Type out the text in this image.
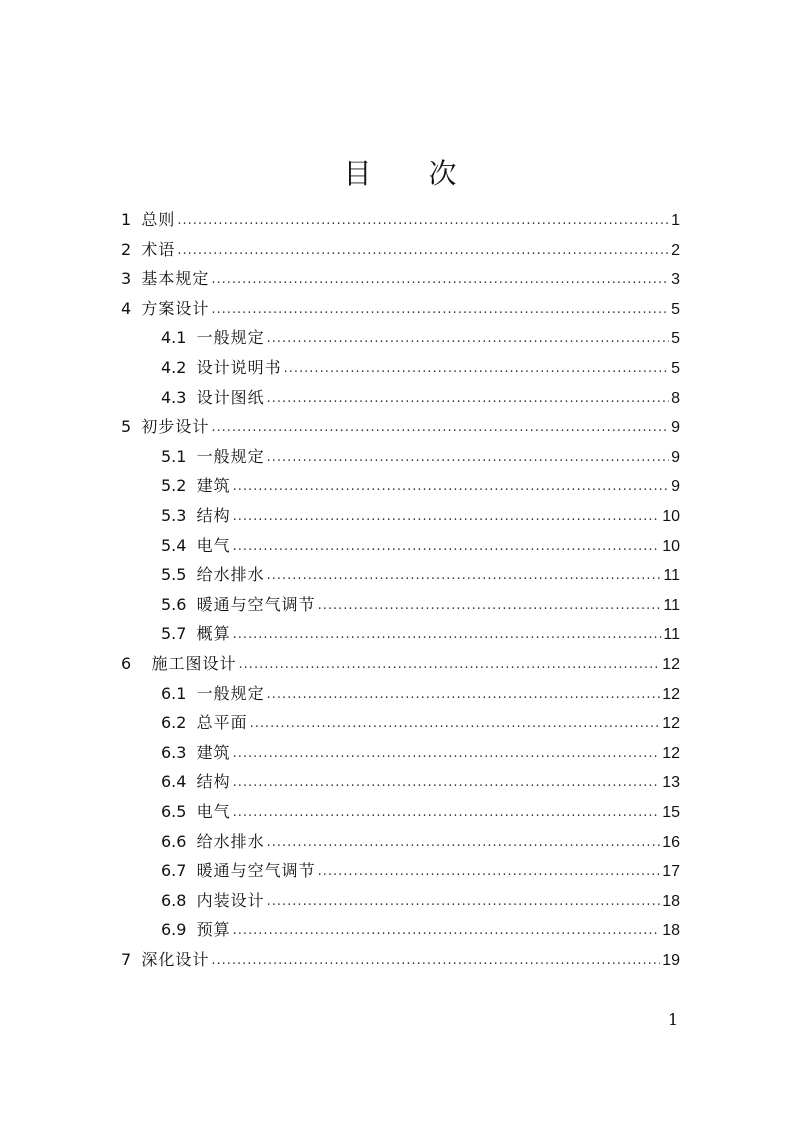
目 次
1 总则 .....	1
2 术语 .....	2
3 基本规定 .....	3
4 方案设计 .....	5
4.1 一般规定 .....	5
4.2 设计说明书 .....	5
4.3 设计图纸 .....	8
5 初步设计 .....	9
5.1 一般规定 .....	9
5.2 建筑 .....	9
5.3 结构 .....	10
5.4 电气 .....	10
5.5 给水排水 .....	11
5.6 暖通与空气调节 .....	11
5.7 概算 .....	11
6 施工图设计 .....	12
6.1 一般规定 .....	12
6.2 总平面 .....	12
6.3 建筑 .....	12
6.4 结构 .....	13
6.5 电气 .....	15
6.6 给水排水 .....	16
6.7 暖通与空气调节 .....	17
6.8 内装设计 .....	18
6.9 预算 .....	18
7 深化设计 .....	19
1
